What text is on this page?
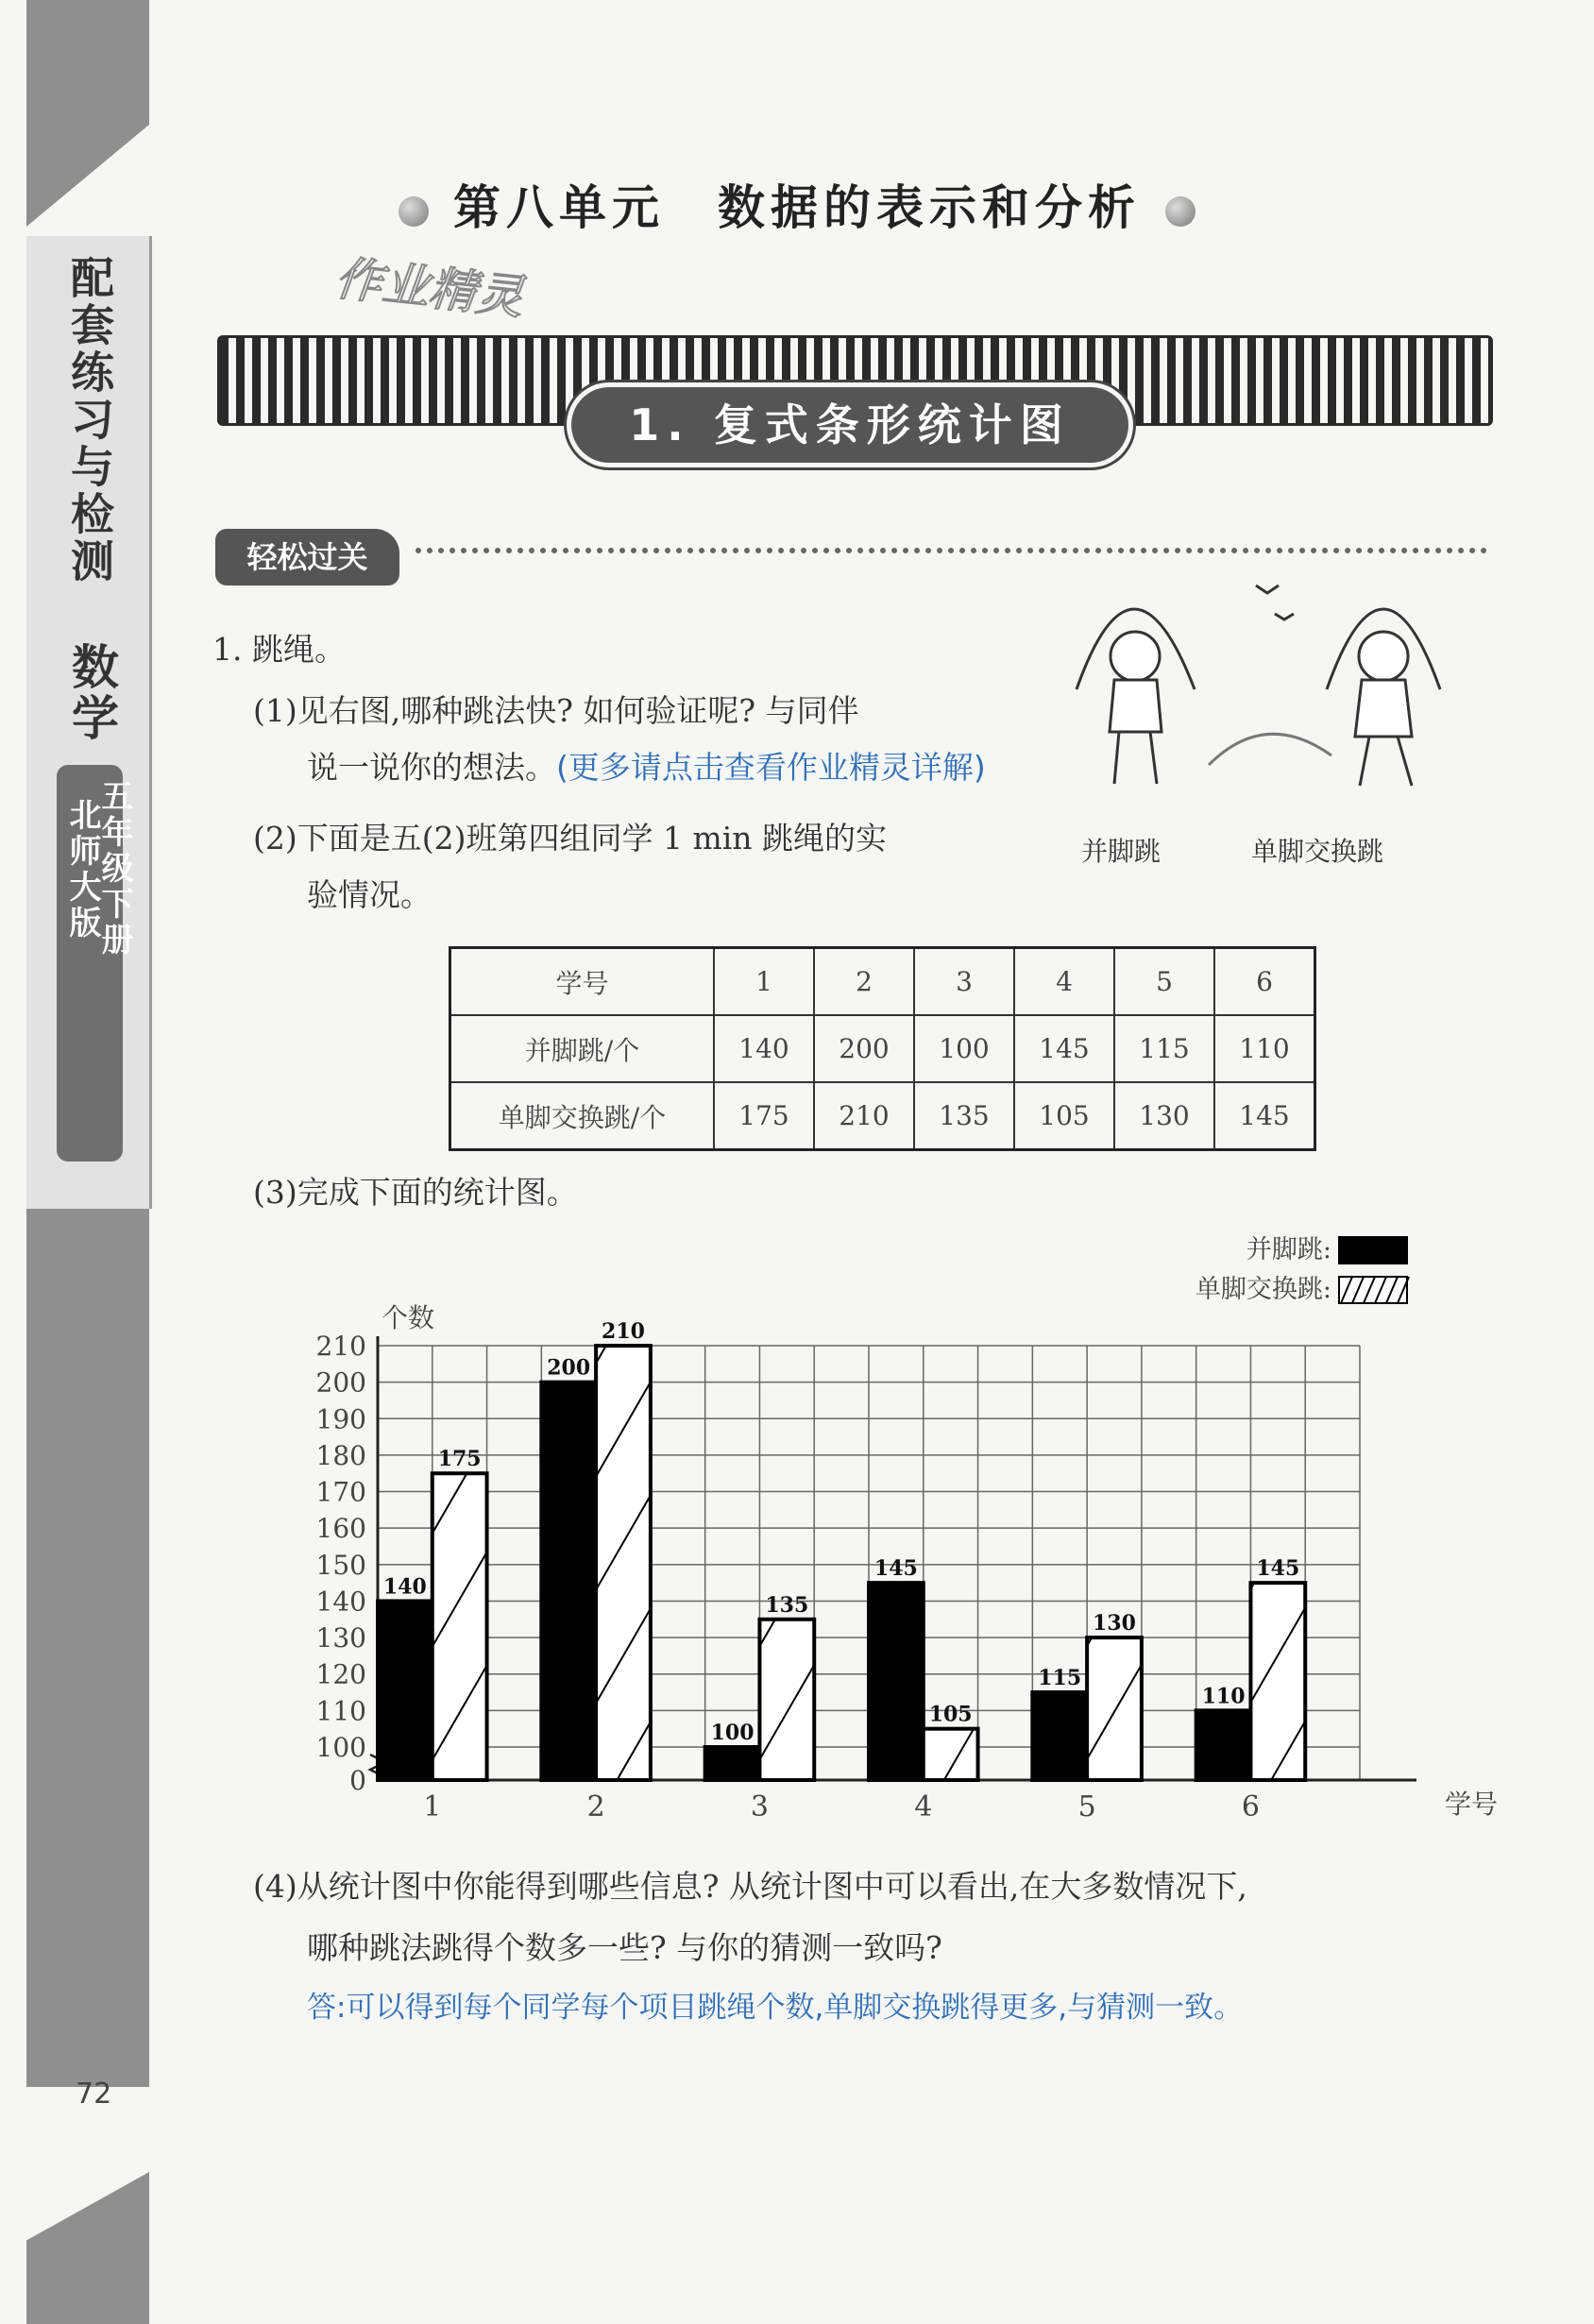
配套练习与检测
数学
五年级下册
北师大版
72
第八单元　数据的表示和分析
作业精灵
1. 复式条形统计图
轻松过关
1. 跳绳。
(1)见右图,哪种跳法快? 如何验证呢? 与同伴
说一说你的想法。(更多请点击查看作业精灵详解)
(2)下面是五(2)班第四组同学 1 min 跳绳的实
验情况。
并脚跳	单脚交换跳
学号	1	2	3	4	5	6
并脚跳/个	140	200	100	145	115	110
单脚交换跳/个	175	210	135	105	130	145
(3)完成下面的统计图。
0
100
110
120
130
140
150
160
170
180
190
200
210
个数
学号
140
175
1
200
210
2
100
135
3
145
105
4
115
130
5
110
145
6
并脚跳:
单脚交换跳:
(4)从统计图中你能得到哪些信息? 从统计图中可以看出,在大多数情况下,
哪种跳法跳得个数多一些? 与你的猜测一致吗?
答:可以得到每个同学每个项目跳绳个数,单脚交换跳得更多,与猜测一致。
